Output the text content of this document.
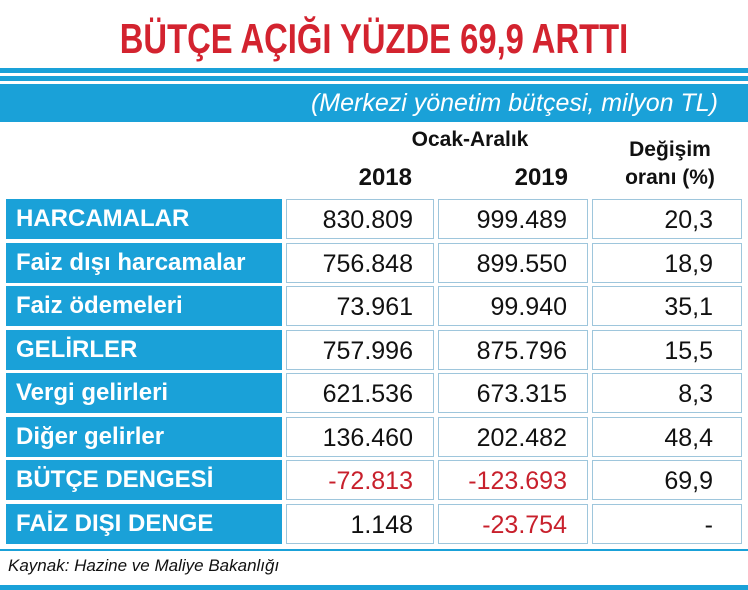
BÜTÇE AÇIĞI YÜZDE 69,9 ARTTI
(Merkezi yönetim bütçesi, milyon TL)
Ocak-Aralık
2018	2019
Değişim
oranı (%)
HARCAMALAR	830.809	999.489	20,3
Faiz dışı harcamalar	756.848	899.550	18,9
Faiz ödemeleri	73.961	99.940	35,1
GELİRLER	757.996	875.796	15,5
Vergi gelirleri	621.536	673.315	8,3
Diğer gelirler	136.460	202.482	48,4
BÜTÇE DENGESİ	-72.813	-123.693	69,9
FAİZ DIŞI DENGE	1.148	-23.754	-
Kaynak: Hazine ve Maliye Bakanlığı
